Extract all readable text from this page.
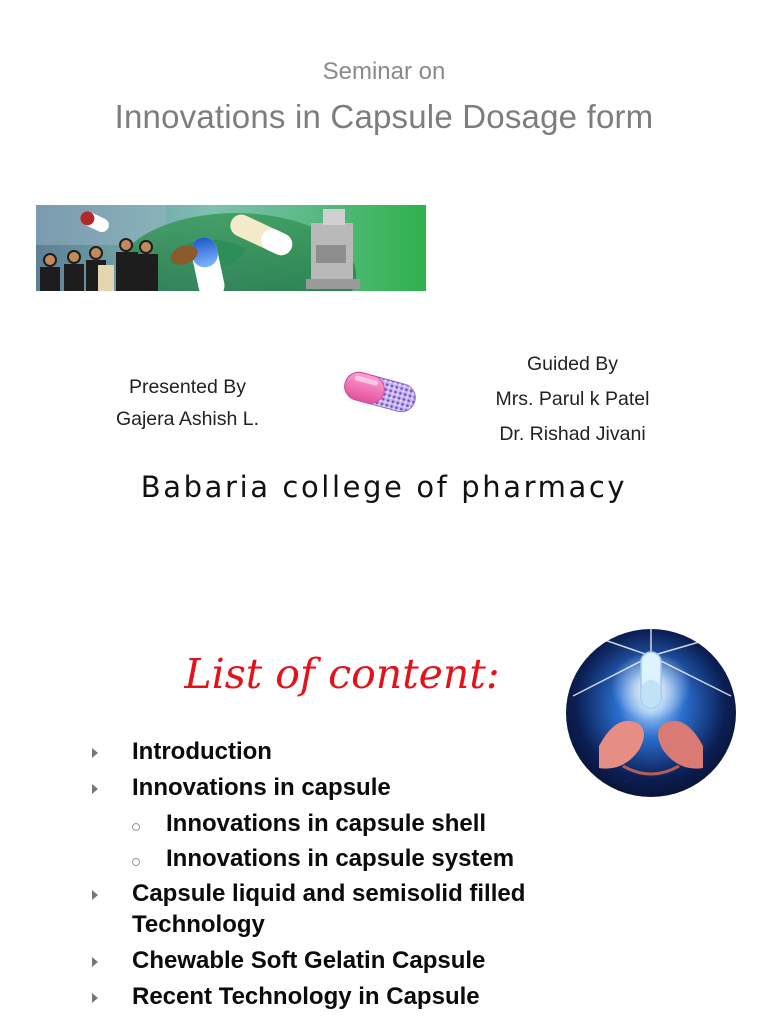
Seminar on
Innovations in Capsule Dosage form
Presented By
Gajera Ashish L.
Guided By
Mrs. Parul k Patel
Dr. Rishad Jivani
Babaria college of pharmacy
List of content:
Introduction
Innovations in capsule
Innovations in capsule shell
Innovations in capsule system
Capsule liquid and semisolid filled Technology
Chewable Soft Gelatin Capsule
Recent Technology in Capsule
